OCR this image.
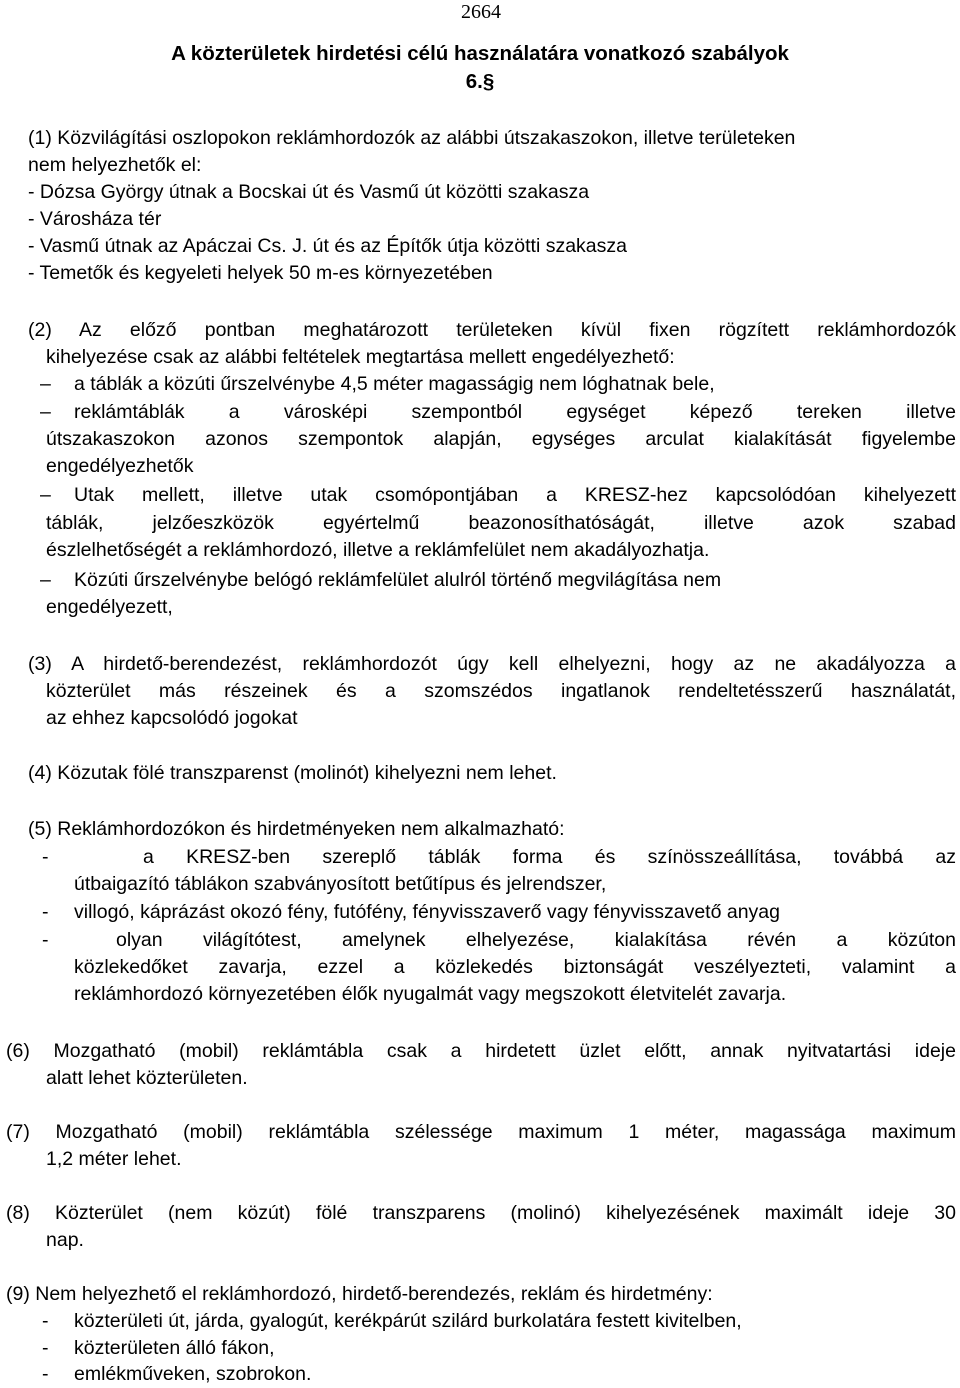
2664
A közterületek hirdetési célú használatára vonatkozó szabályok
6.§
(1) Közvilágítási oszlopokon reklámhordozók az alábbi útszakaszokon, illetve területeken
nem helyezhetők el:
- Dózsa György útnak a Bocskai út és Vasmű út közötti szakasza
- Városháza tér
- Vasmű útnak az Apáczai Cs. J. út és az Építők útja közötti szakasza
- Temetők és kegyeleti helyek 50 m-es környezetében
(2) Az előző pontban meghatározott területeken kívül fixen rögzített reklámhordozók
kihelyezése csak az alábbi feltételek megtartása mellett engedélyezhető:
– a táblák a közúti űrszelvénybe 4,5 méter magasságig nem lóghatnak bele,
– reklámtáblák a városképi szempontból egységet képező tereken illetve
útszakaszokon azonos szempontok alapján, egységes arculat kialakítását figyelembe
engedélyezhetők
– Utak mellett, illetve utak csomópontjában a KRESZ-hez kapcsolódóan kihelyezett
táblák, jelzőeszközök egyértelmű beazonosíthatóságát, illetve azok szabad
észlelhetőségét a reklámhordozó, illetve a reklámfelület nem akadályozhatja.
– Közúti űrszelvénybe belógó reklámfelület alulról történő megvilágítása nem
engedélyezett,
(3) A hirdető-berendezést, reklámhordozót úgy kell elhelyezni, hogy az ne akadályozza a
közterület más részeinek és a szomszédos ingatlanok rendeltetésszerű használatát,
az ehhez kapcsolódó jogokat
(4) Közutak fölé transzparenst (molinót) kihelyezni nem lehet.
(5) Reklámhordozókon és hirdetményeken nem alkalmazható:
-	a KRESZ-ben szereplő táblák forma és színösszeállítása, továbbá az
útbaigazító táblákon szabványosított betűtípus és jelrendszer,
- villogó, káprázást okozó fény, futófény, fényvisszaverő vagy fényvisszavető anyag
-	olyan világítótest, amelynek elhelyezése, kialakítása révén a közúton
közlekedőket zavarja, ezzel a közlekedés biztonságát veszélyezteti, valamint a
reklámhordozó környezetében élők nyugalmát vagy megszokott életvitelét zavarja.
(6) Mozgatható (mobil) reklámtábla csak a hirdetett üzlet előtt, annak nyitvatartási ideje
alatt lehet közterületen.
(7) Mozgatható (mobil) reklámtábla szélessége maximum 1 méter, magassága maximum
1,2 méter lehet.
(8) Közterület (nem közút) fölé transzparens (molinó) kihelyezésének maximált ideje 30
nap.
(9) Nem helyezhető el reklámhordozó, hirdető-berendezés, reklám és hirdetmény:
- közterületi út, járda, gyalogút, kerékpárút szilárd burkolatára festett kivitelben,
- közterületen álló fákon,
- emlékműveken, szobrokon.
